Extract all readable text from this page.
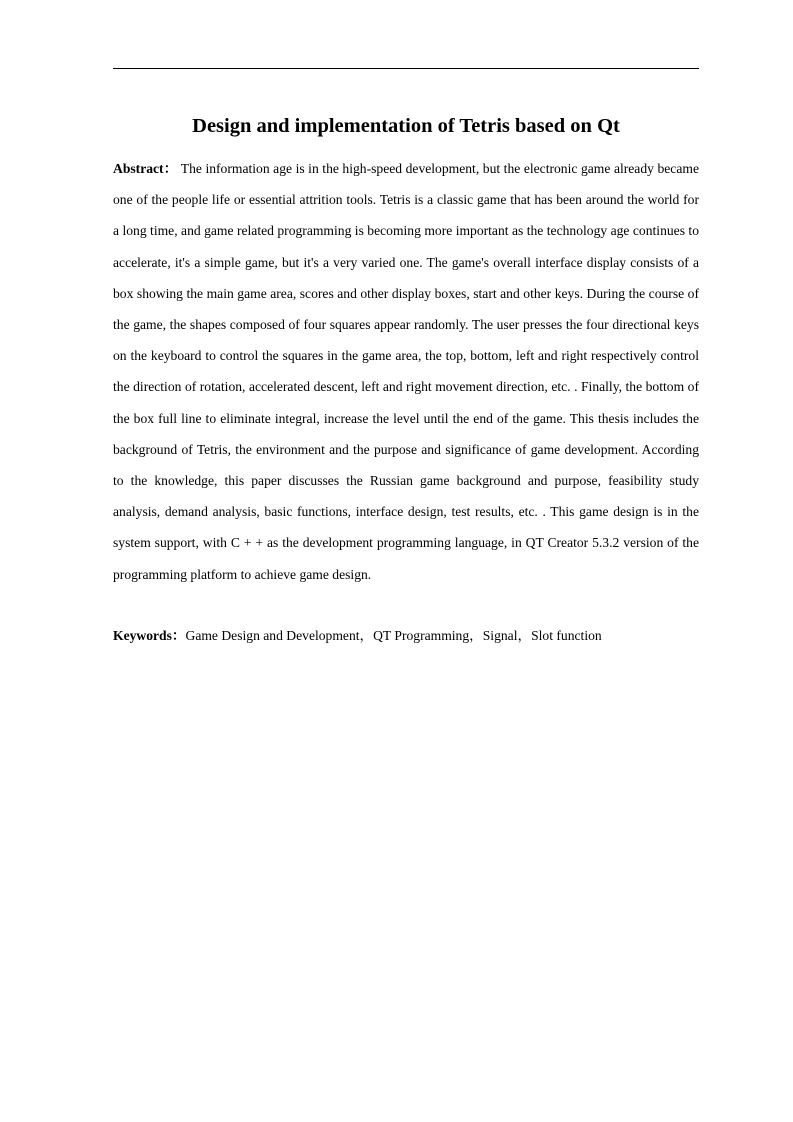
Design and implementation of Tetris based on Qt

Abstract： The information age is in the high-speed development, but the electronic game already became one of the people life or essential attrition tools. Tetris is a classic game that has been around the world for a long time, and game related programming is becoming more important as the technology age continues to accelerate, it's a simple game, but it's a very varied one. The game's overall interface display consists of a box showing the main game area, scores and other display boxes, start and other keys. During the course of the game, the shapes composed of four squares appear randomly. The user presses the four directional keys on the keyboard to control the squares in the game area, the top, bottom, left and right respectively control the direction of rotation, accelerated descent, left and right movement direction, etc. . Finally, the bottom of the box full line to eliminate integral, increase the level until the end of the game. This thesis includes the background of Tetris, the environment and the purpose and significance of game development. According to the knowledge, this paper discusses the Russian game background and purpose, feasibility study analysis, demand analysis, basic functions, interface design, test results, etc. . This game design is in the system support, with C + + as the development programming language, in QT Creator 5.3.2 version of the programming platform to achieve game design.

Keywords：Game Design and Development，QT Programming，Signal，Slot function
